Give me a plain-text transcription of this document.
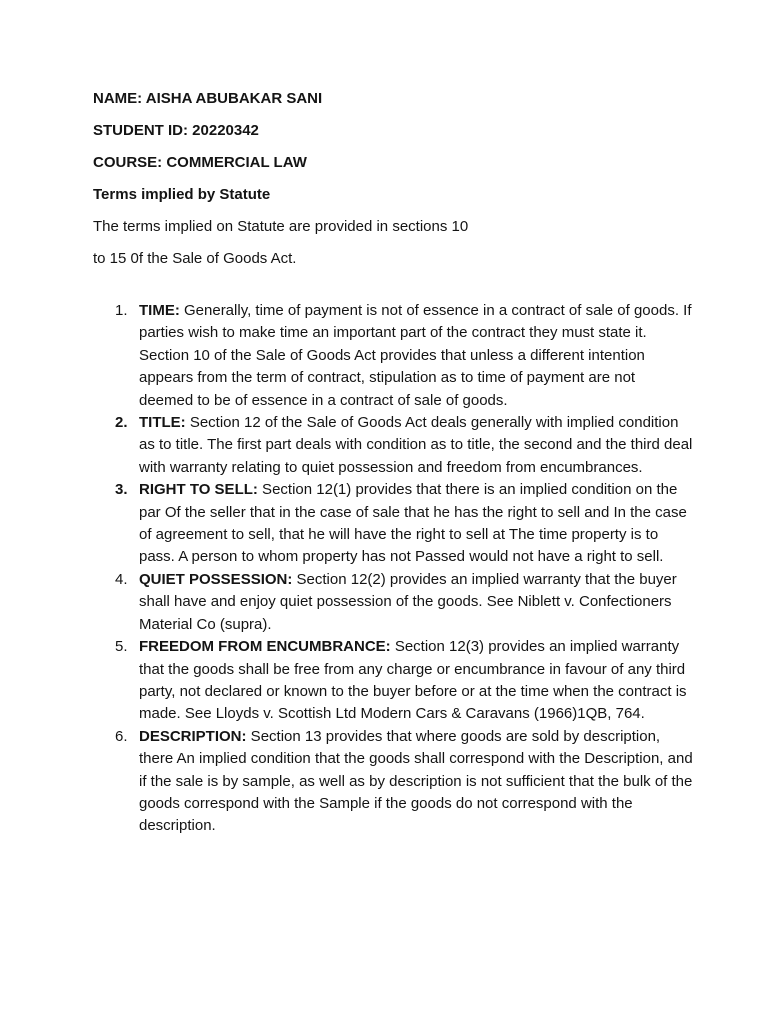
NAME: AISHA ABUBAKAR SANI
STUDENT ID: 20220342
COURSE: COMMERCIAL LAW
Terms implied by Statute
The terms implied on Statute are provided in sections 10
to 15 0f the Sale of Goods Act.
1. TIME: Generally, time of payment is not of essence in a contract of sale of goods. If parties wish to make time an important part of the contract they must state it. Section 10 of the Sale of Goods Act provides that unless a different intention appears from the term of contract, stipulation as to time of payment are not deemed to be of essence in a contract of sale of goods.
2. TITLE: Section 12 of the Sale of Goods Act deals generally with implied condition as to title. The first part deals with condition as to title, the second and the third deal with warranty relating to quiet possession and freedom from encumbrances.
3. RIGHT TO SELL: Section 12(1) provides that there is an implied condition on the par Of the seller that in the case of sale that he has the right to sell and In the case of agreement to sell, that he will have the right to sell at The time property is to pass. A person to whom property has not Passed would not have a right to sell.
4. QUIET POSSESSION: Section 12(2) provides an implied warranty that the buyer shall have and enjoy quiet possession of the goods. See Niblett v. Confectioners Material Co (supra).
5. FREEDOM FROM ENCUMBRANCE: Section 12(3) provides an implied warranty that the goods shall be free from any charge or encumbrance in favour of any third party, not declared or known to the buyer before or at the time when the contract is made. See Lloyds v. Scottish Ltd Modern Cars & Caravans (1966)1QB, 764.
6. DESCRIPTION: Section 13 provides that where goods are sold by description, there An implied condition that the goods shall correspond with the Description, and if the sale is by sample, as well as by description is not sufficient that the bulk of the goods correspond with the Sample if the goods do not correspond with the description.
